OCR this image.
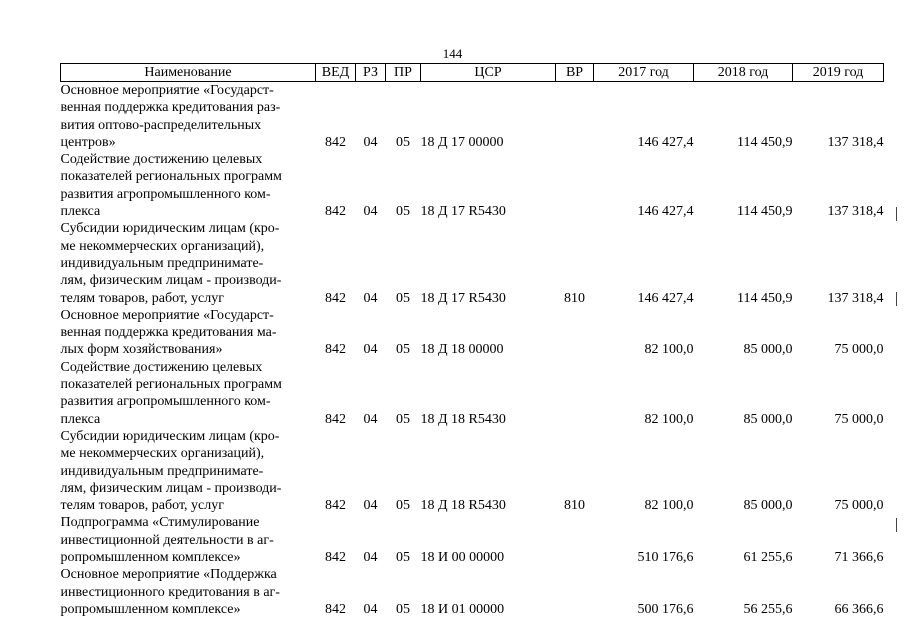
144
Наименование	ВЕД	РЗ	ПР	ЦСР	ВР	2017 год	2018 год	2019 год

Основное мероприятие «Государст-
венная поддержка кредитования раз-
вития оптово-распределительных
центров»	842	04	05	18 Д 17 00000		146 427,4	114 450,9	137 318,4

Содействие достижению целевых
показателей региональных программ
развития агропромышленного ком-
плекса	842	04	05	18 Д 17 R5430		146 427,4	114 450,9	137 318,4

Субсидии юридическим лицам (кро-
ме некоммерческих организаций),
индивидуальным предпринимате-
лям, физическим лицам - производи-
телям товаров, работ, услуг	842	04	05	18 Д 17 R5430	810	146 427,4	114 450,9	137 318,4

Основное мероприятие «Государст-
венная поддержка кредитования ма-
лых форм хозяйствования»	842	04	05	18 Д 18 00000		82 100,0	85 000,0	75 000,0

Содействие достижению целевых
показателей региональных программ
развития агропромышленного ком-
плекса	842	04	05	18 Д 18 R5430		82 100,0	85 000,0	75 000,0

Субсидии юридическим лицам (кро-
ме некоммерческих организаций),
индивидуальным предпринимате-
лям, физическим лицам - производи-
телям товаров, работ, услуг	842	04	05	18 Д 18 R5430	810	82 100,0	85 000,0	75 000,0

Подпрограмма «Стимулирование
инвестиционной деятельности в аг-
ропромышленном комплексе»	842	04	05	18 И 00 00000		510 176,6	61 255,6	71 366,6

Основное мероприятие «Поддержка
инвестиционного кредитования в аг-
ропромышленном комплексе»	842	04	05	18 И 01 00000		500 176,6	56 255,6	66 366,6
